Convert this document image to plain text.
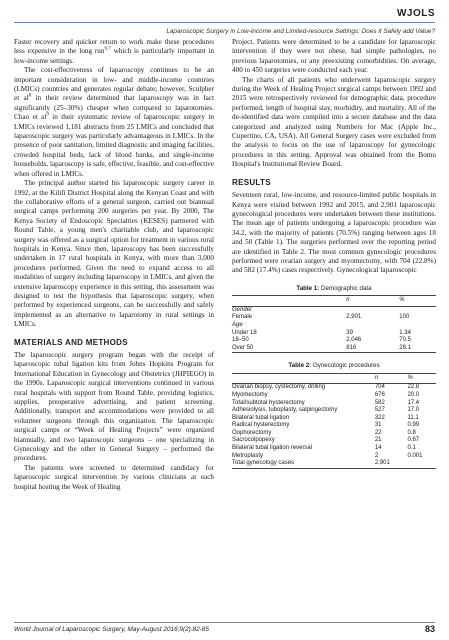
WJOLS
Laparoscopic Surgery in Low-income and Limited-resource Settings: Does it Safely add Value?

Faster recovery and quicker return to work make these procedures less expensive in the long run$^{6,7}$ which is particularly important in low-income settings.

The cost-effectiveness of laparoscopy continues to be an important consideration in low- and middle-income countries (LMICs) countries and generates regular debate; however, Sculpher et $al^8$ in their review determined that laparoscopy was in fact significantly (25–30%) cheaper when compared to laparotomies. Chao et $al^9$ in their systematic review of laparoscopic surgery in LMICs reviewed 1,181 abstracts from 25 LMICs and concluded that laparoscopic surgery was particularly advantageous in LMICs. In the presence of poor sanitation, limited diagnostic and imaging facilities, crowded hospital beds, lack of blood banks, and single-income households, laparoscopy is safe, effective, feasible, and cost-effective when offered in LMICs.

The principal author started his laparoscopic surgery career in 1992, at the Kilifi District Hospital along the Kenyan Coast and with the collaborative efforts of a general surgeon, carried out biannual surgical camps performing 200 surgeries per year. By 2000, The Kenya Society of Endoscopic Specialties (KESES) partnered with Round Table, a young men's charitable club, and laparoscopic surgery was offered as a surgical option for treatment in various rural hospitals in Kenya. Since then, laparoscopy has been successfully undertaken in 17 rural hospitals in Kenya, with more than 3,000 procedures performed. Given the need to expand access to all modalities of surgery including laparoscopy in LMICs, and given the extensive laparoscopy experience in this setting, this assessment was designed to test the hypothesis that laparoscopic surgery, when performed by experienced surgeons, can be successfully and safely implemented as an alternative to laparotomy in rural settings in LMICs.

MATERIALS AND METHODS

The laparoscopic surgery program began with the receipt of laparoscopic tubal ligation kits from Johns Hopkins Program for International Education in Gynecology and Obstetrics (JHPIEGO) in the 1990s. Laparoscopic surgical interventions continued in various rural hospitals with support from Round Table, providing logistics, supplies, preoperative advertising, and patient screening. Additionally, transport and accommodations were provided to all volunteer surgeons through this organization. The laparoscopic surgical camps or “Week of Healing Projects” were organized biannually, and two laparoscopic surgeons – one specializing in Gynecology and the other in General Surgery – performed the procedures.

The patients were screened to determined candidacy for laparoscopic surgical intervention by various clinicians at each hospital hosting the Week of Healing

Project. Patients were determined to be a candidate for laparoscopic intervention if they were not obese, had simple pathologies, no previous laparotomies, or any preexisting comorbidities. On average, 400 to 450 surgeries were conducted each year.

The charts of all patients who underwent laparoscopic surgery during the Week of Healing Project surgical camps between 1992 and 2015 were retrospectively reviewed for demographic data, procedure performed, length of hospital stay, morbidity, and mortality. All of the de-identified data were compiled into a secure database and the data categorized and analyzed using Numbers for Mac (Apple Inc., Cupertino, CA, USA). All General Surgery cases were excluded from the analysis to focus on the use of laparoscopy for gynecologic procedures in this setting. Approval was obtained from the Bomu Hospital's Institutional Review Board.

RESULTS

Seventeen rural, low-income, and resource-limited public hospitals in Kenya were visited between 1992 and 2015, and 2,901 laparoscopic gynecological procedures were undertaken between these institutions. The mean age of patients undergoing a laparoscopic procedure was 34.2, with the majority of patients (70.5%) ranging between ages 18 and 50 (Table 1). The surgeries performed over the reporting period are identified in Table 2. The most common gynecologic procedures performed were ovarian surgery and myomectomy, with 704 (22.8%) and 582 (17.4%) cases respectively. Gynecological laparoscopic

Table 1: Demographic data
	n	%
Gender		
Female	2,901	100
Age		
Under 18	39	1.34
18–50	2,046	70.5
Over 50	816	28.1
Table 2: Gynecologic procedures
	n	%
Ovarian biopsy, cystectomy, drilling	704	22.8
Myomectomy	676	20.0
Total/subtotal hysterectomy	582	17.4
Adhesiolysis, tuboplasty, salpingectomy	527	17.0
Bilateral tubal ligation	322	11.1
Radical hysterectomy	31	0.99
Oophorectomy	22	0.8
Sacrocolpopexy	21	0.67
Bilateral tubal ligation reversal	14	0.1
Metroplasty	2	0.001
Total gynecology cases	2,901	
World Journal of Laparoscopic Surgery, May-August 2016;9(2):82-85	83
